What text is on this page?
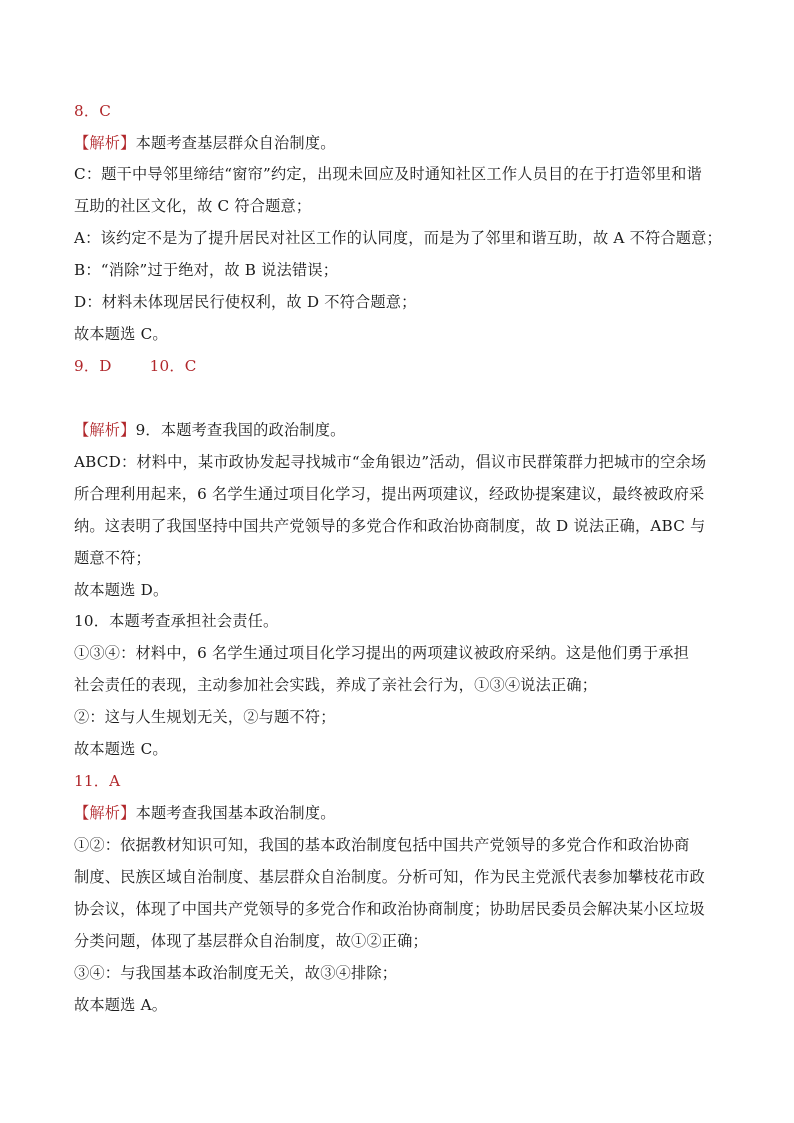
8．C
【解析】本题考查基层群众自治制度。
C：题干中导邻里缔结“窗帘”约定，出现未回应及时通知社区工作人员目的在于打造邻里和谐
互助的社区文化，故 C 符合题意；
A：该约定不是为了提升居民对社区工作的认同度，而是为了邻里和谐互助，故 A 不符合题意；
B：“消除”过于绝对，故 B 说法错误；
D：材料未体现居民行使权利，故 D 不符合题意；
故本题选 C。
9．D	10．C
【解析】9．本题考查我国的政治制度。
ABCD：材料中，某市政协发起寻找城市“金角银边”活动，倡议市民群策群力把城市的空余场
所合理利用起来，6 名学生通过项目化学习，提出两项建议，经政协提案建议，最终被政府采
纳。这表明了我国坚持中国共产党领导的多党合作和政治协商制度，故 D 说法正确，ABC 与
题意不符；
故本题选 D。
10．本题考查承担社会责任。
①③④：材料中，6 名学生通过项目化学习提出的两项建议被政府采纳。这是他们勇于承担
社会责任的表现，主动参加社会实践，养成了亲社会行为，①③④说法正确；
②：这与人生规划无关，②与题不符；
故本题选 C。
11．A
【解析】本题考查我国基本政治制度。
①②：依据教材知识可知，我国的基本政治制度包括中国共产党领导的多党合作和政治协商
制度、民族区域自治制度、基层群众自治制度。分析可知，作为民主党派代表参加攀枝花市政
协会议，体现了中国共产党领导的多党合作和政治协商制度；协助居民委员会解决某小区垃圾
分类问题，体现了基层群众自治制度，故①②正确；
③④：与我国基本政治制度无关，故③④排除；
故本题选 A。
